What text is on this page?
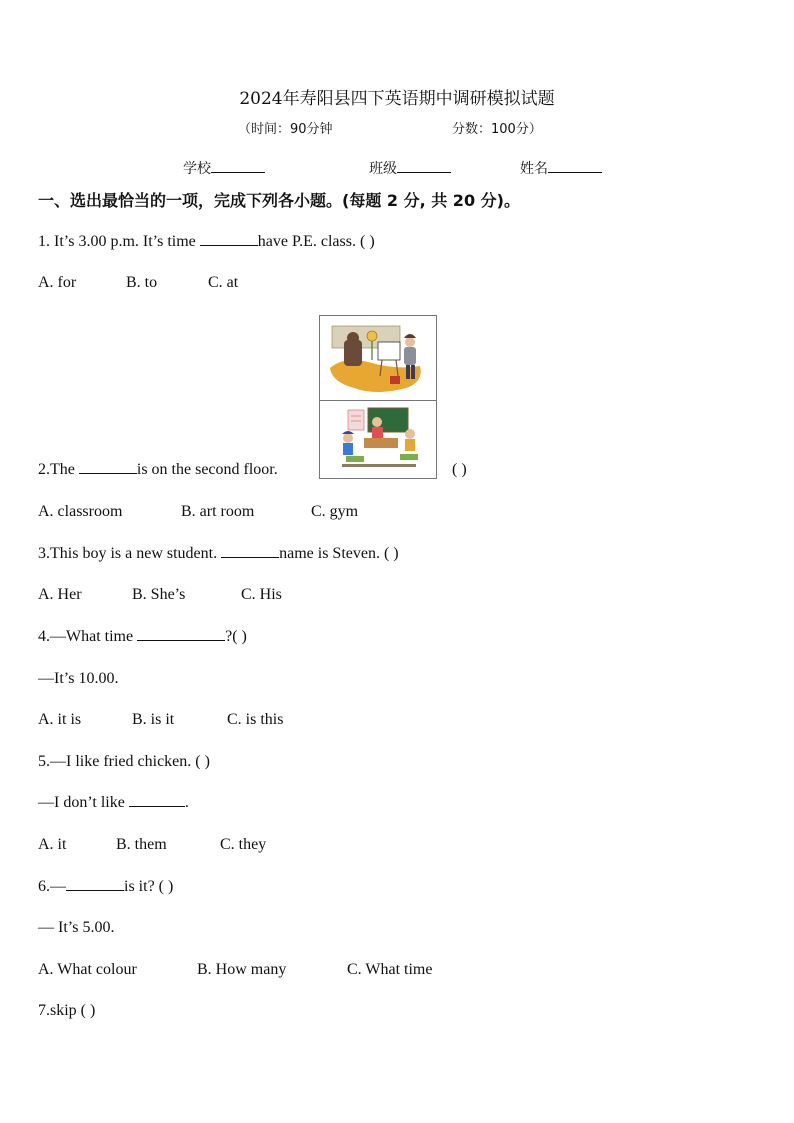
2024年寿阳县四下英语期中调研模拟试题
（时间：90分钟	分数：100分）
学校	班级	姓名
一、选出最恰当的一项，完成下列各小题。(每题 2 分, 共 20 分)。
1. It’s 3.00 p.m. It’s time	have P.E. class. ( )
A. for	B. to	C. at
2.The	is on the second floor.	( )
A. classroom	B. art room	C. gym
3.This boy is a new student.	name is Steven. ( )
A. Her	B. She’s	C. His
4.—What time	?( )
—It’s 10.00.
A. it is	B. is it	C. is this
5.—I like fried chicken. ( )
—I don’t like	.
A. it	B. them	C. they
6.—	is it? ( )
— It’s 5.00.
A. What colour	B. How many	C. What time
7.skip ( )
